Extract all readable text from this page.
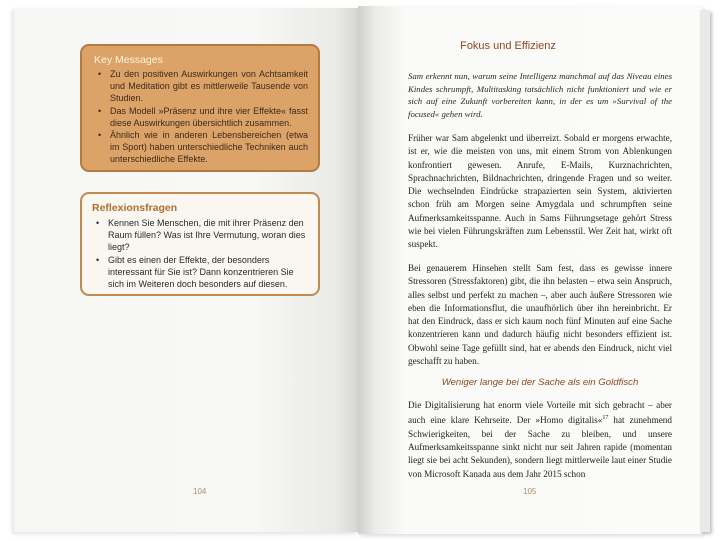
Key Messages
• Zu den positiven Auswirkungen von Achtsamkeit und Meditation gibt es mittlerweile Tausende von Studien.
• Das Modell »Präsenz und ihre vier Effekte« fasst diese Auswirkungen übersichtlich zusammen.
• Ähnlich wie in anderen Lebensbereichen (etwa im Sport) haben unterschiedliche Techniken auch unterschiedliche Effekte.
Reflexionsfragen
• Kennen Sie Menschen, die mit ihrer Präsenz den Raum füllen? Was ist Ihre Vermutung, woran dies liegt?
• Gibt es einen der Effekte, der besonders interessant für Sie ist? Dann konzentrieren Sie sich im Weiteren doch besonders auf diesen.
104
Fokus und Effizienz
Sam erkennt nun, warum seine Intelligenz manchmal auf das Niveau eines Kindes schrumpft, Multitasking tatsächlich nicht funktioniert und wie er sich auf eine Zukunft vorbereiten kann, in der es um »Survival of the focused« gehen wird.
Früher war Sam abgelenkt und überreizt. Sobald er morgens erwachte, ist er, wie die meisten von uns, mit einem Strom von Ablenkungen konfrontiert gewesen. Anrufe, E-Mails, Kurznachrichten, Sprachnachrichten, Bildnachrichten, dringende Fragen und so weiter. Die wechselnden Eindrücke strapazierten sein System, aktivierten schon früh am Morgen seine Amygdala und schrumpften seine Aufmerksamkeitsspanne. Auch in Sams Führungsetage gehört Stress wie bei vielen Führungskräften zum Lebensstil. Wer Zeit hat, wirkt oft suspekt.
Bei genauerem Hinsehen stellt Sam fest, dass es gewisse innere Stressoren (Stressfaktoren) gibt, die ihn belasten – etwa sein Anspruch, alles selbst und perfekt zu machen –, aber auch äußere Stressoren wie eben die Informationsflut, die unaufhörlich über ihn hereinbricht. Er hat den Eindruck, dass er sich kaum noch fünf Minuten auf eine Sache konzentrieren kann und dadurch häufig nicht besonders effizient ist. Obwohl seine Tage gefüllt sind, hat er abends den Eindruck, nicht viel geschafft zu haben.
Weniger lange bei der Sache als ein Goldfisch
Die Digitalisierung hat enorm viele Vorteile mit sich gebracht – aber auch eine klare Kehrseite. Der »Homo digitalis«$^{17}$ hat zunehmend Schwierigkeiten, bei der Sache zu bleiben, und unsere Aufmerksamkeitsspanne sinkt nicht nur seit Jahren rapide (momentan liegt sie bei acht Sekunden), sondern liegt mittlerweile laut einer Studie von Microsoft Kanada aus dem Jahr 2015 schon
105
